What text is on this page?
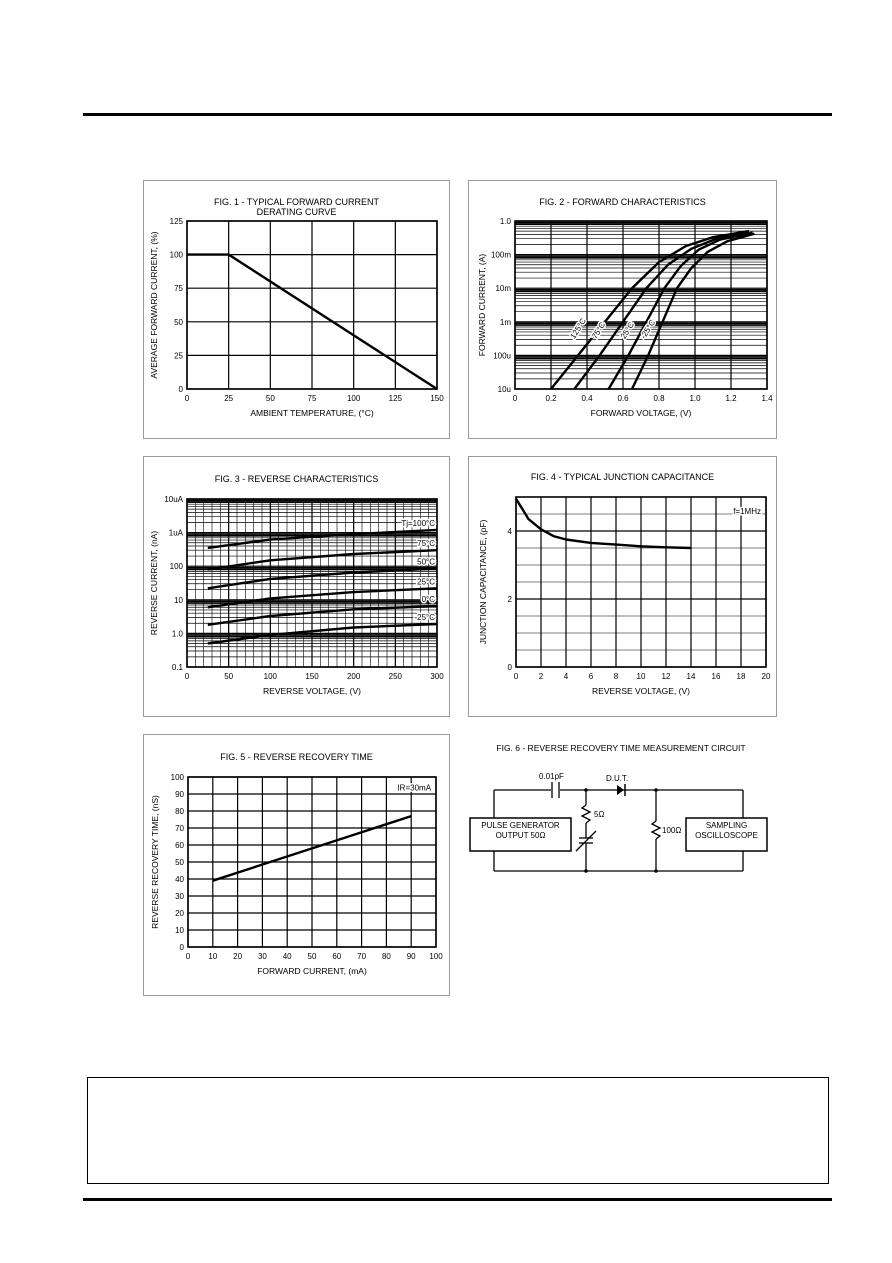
FIG. 1 - TYPICAL FORWARD CURRENT
DERATING CURVE
0	25	50	75	100	125	150
0
25
50
75
100
125
AMBIENT TEMPERATURE, (°C)
AVERAGE FORWARD CURRENT, (%)
FIG. 2 - FORWARD CHARACTERISTICS
0	0.2	0.4	0.6	0.8	1.0	1.2	1.4
10u
100u
1m
10m
100m
1.0
FORWARD VOLTAGE, (V)
FORWARD CURRENT, (A)	125°C 75°C 25°C -25°C
FIG. 3 - REVERSE CHARACTERISTICS
0	50	100	150	200	250	300
0.1
1.0
10
100
1uA
10uA
REVERSE VOLTAGE, (V)
REVERSE CURRENT, (nA)
Tj=100°C
75°C
50°C
25°C
0°C
-25°C
FIG. 4 - TYPICAL JUNCTION CAPACITANCE
0	2	4	6	8 10 12 14 16 18 20
0
2
4
REVERSE VOLTAGE, (V)
JUNCTION CAPACITANCE, (pF)
f=1MHz
FIG. 5 - REVERSE RECOVERY TIME
0 10 20 30 40 50 60 70 80 90 100
0
10
20
30
40
50
60
70
80
90
100
FORWARD CURRENT, (mA)
REVERSE RECOVERY TIME, (nS)
IR=30mA
FIG. 6 - REVERSE RECOVERY TIME MEASUREMENT CIRCUIT
0.01pF	D.U.T.
5Ω
100Ω
PULSE GENERATOR
OUTPUT 50Ω
SAMPLING
OSCILLOSCOPE
